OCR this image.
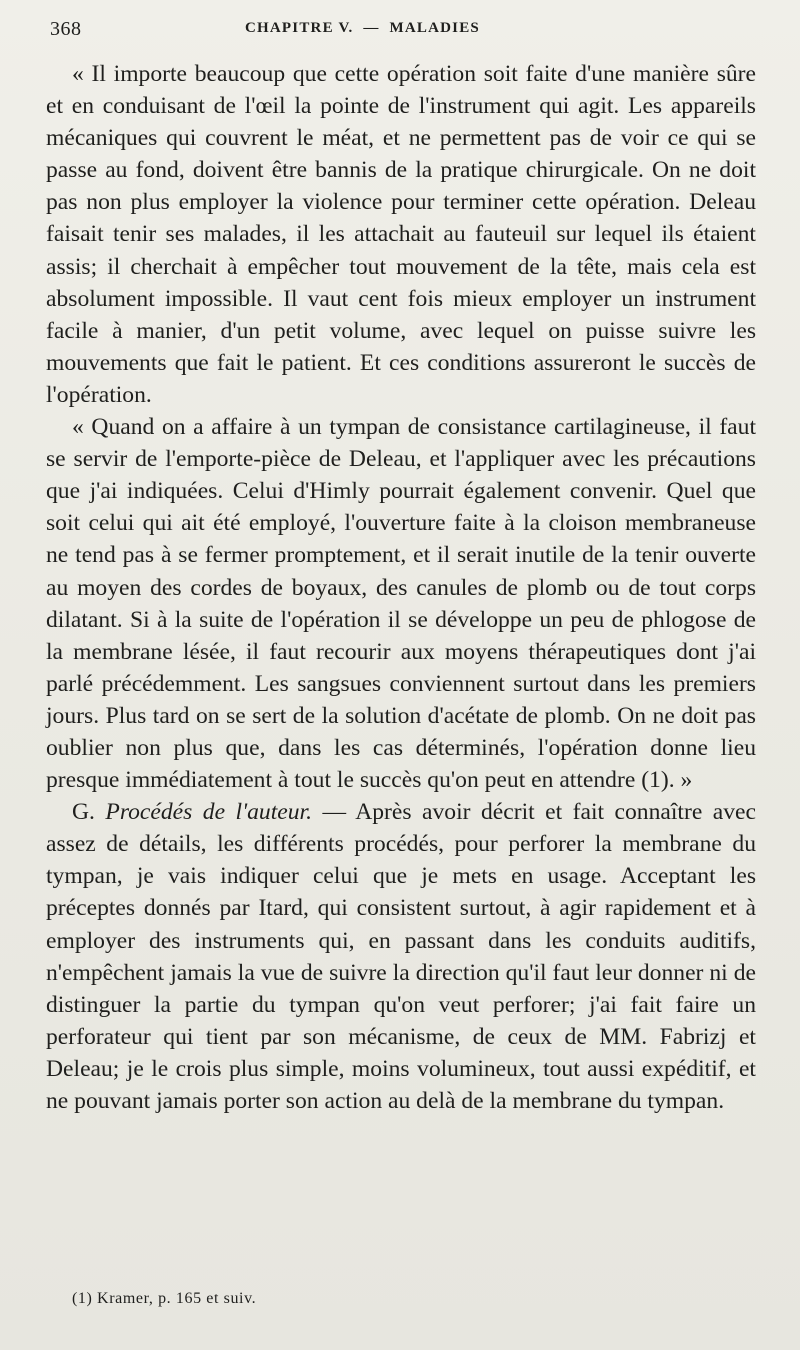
368	CHAPITRE V.  —  MALADIES

« Il importe beaucoup que cette opération soit faite d'une manière sûre et en conduisant de l'œil la pointe de l'instrument qui agit. Les appareils mécaniques qui couvrent le méat, et ne permettent pas de voir ce qui se passe au fond, doivent être bannis de la pratique chirurgicale. On ne doit pas non plus employer la violence pour terminer cette opération. Deleau faisait tenir ses malades, il les attachait au fauteuil sur lequel ils étaient assis; il cherchait à empêcher tout mouvement de la tête, mais cela est absolument impossible. Il vaut cent fois mieux employer un instrument facile à manier, d'un petit volume, avec lequel on puisse suivre les mouvements que fait le patient. Et ces conditions assureront le succès de l'opération.

« Quand on a affaire à un tympan de consistance cartilagineuse, il faut se servir de l'emporte-pièce de Deleau, et l'appliquer avec les précautions que j'ai indiquées. Celui d'Himly pourrait également convenir. Quel que soit celui qui ait été employé, l'ouverture faite à la cloison membraneuse ne tend pas à se fermer promptement, et il serait inutile de la tenir ouverte au moyen des cordes de boyaux, des canules de plomb ou de tout corps dilatant. Si à la suite de l'opération il se développe un peu de phlogose de la membrane lésée, il faut recourir aux moyens thérapeutiques dont j'ai parlé précédemment. Les sangsues conviennent surtout dans les premiers jours. Plus tard on se sert de la solution d'acétate de plomb. On ne doit pas oublier non plus que, dans les cas déterminés, l'opération donne lieu presque immédiatement à tout le succès qu'on peut en attendre (1). »

G. Procédés de l'auteur. — Après avoir décrit et fait connaître avec assez de détails, les différents procédés, pour perforer la membrane du tympan, je vais indiquer celui que je mets en usage. Acceptant les préceptes donnés par Itard, qui consistent surtout, à agir rapidement et à employer des instruments qui, en passant dans les conduits auditifs, n'empêchent jamais la vue de suivre la direction qu'il faut leur donner ni de distinguer la partie du tympan qu'on veut perforer; j'ai fait faire un perforateur qui tient par son mécanisme, de ceux de MM. Fabrizj et Deleau; je le crois plus simple, moins volumineux, tout aussi expéditif, et ne pouvant jamais porter son action au delà de la membrane du tympan.

(1) Kramer, p. 165 et suiv.
